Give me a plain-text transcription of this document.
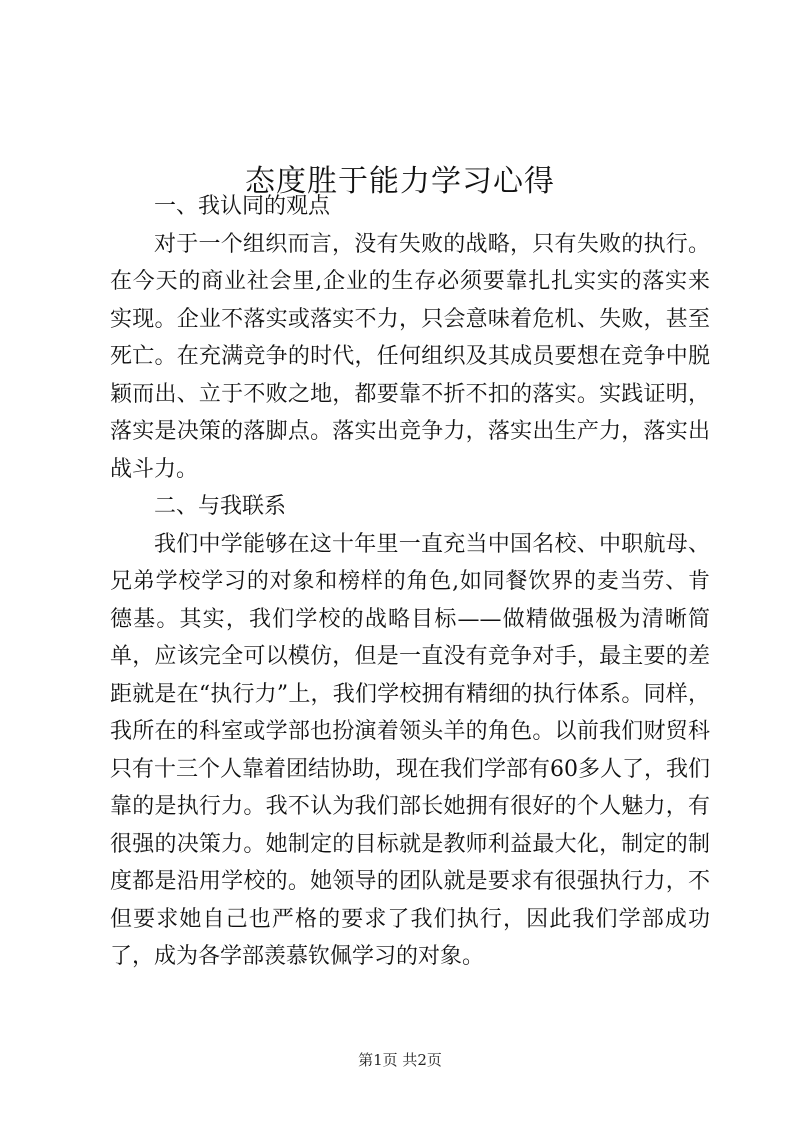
态度胜于能力学习心得

一、我认同的观点

对于一个组织而言，没有失败的战略，只有失败的执行。在今天的商业社会里,企业的生存必须要靠扎扎实实的落实来实现。企业不落实或落实不力，只会意味着危机、失败，甚至死亡。在充满竞争的时代，任何组织及其成员要想在竞争中脱颖而出、立于不败之地，都要靠不折不扣的落实。实践证明，落实是决策的落脚点。落实出竞争力，落实出生产力，落实出战斗力。

二、与我联系

我们中学能够在这十年里一直充当中国名校、中职航母、兄弟学校学习的对象和榜样的角色,如同餐饮界的麦当劳、肯德基。其实，我们学校的战略目标——做精做强极为清晰简单，应该完全可以模仿，但是一直没有竞争对手，最主要的差距就是在“执行力”上，我们学校拥有精细的执行体系。同样，我所在的科室或学部也扮演着领头羊的角色。以前我们财贸科只有十三个人靠着团结协助，现在我们学部有60多人了，我们靠的是执行力。我不认为我们部长她拥有很好的个人魅力，有很强的决策力。她制定的目标就是教师利益最大化，制定的制度都是沿用学校的。她领导的团队就是要求有很强执行力，不但要求她自己也严格的要求了我们执行，因此我们学部成功了，成为各学部羡慕钦佩学习的对象。

第1页 共2页
